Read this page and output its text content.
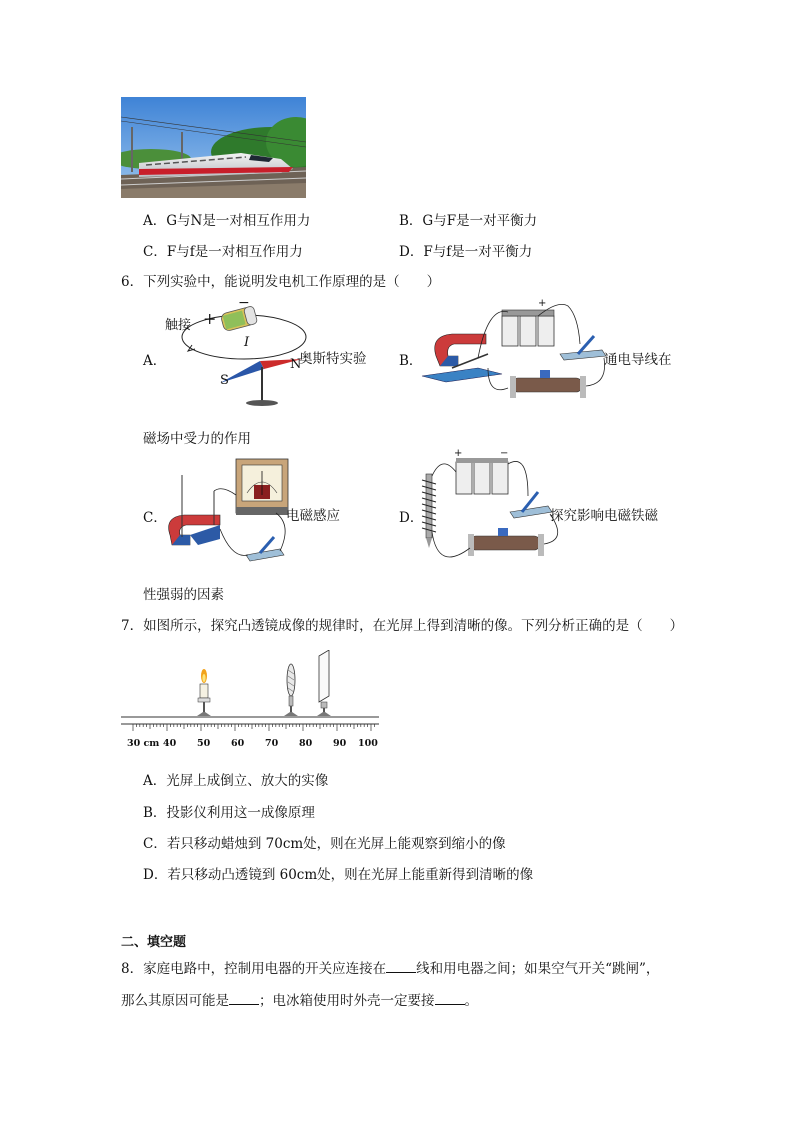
A．G与N是一对相互作用力	B．G与F是一对平衡力
C．F与f是一对相互作用力	D．F与f是一对平衡力
6．下列实验中，能说明发电机工作原理的是（　　）
A．
触接 +
−
I
S
N
奥斯特实验 B．
+
通电导线在
磁场中受力的作用
C．	电磁感应
性强弱的因素
D．
+	−
探究影响电磁铁磁
7．如图所示，探究凸透镜成像的规律时，在光屏上得到清晰的像。下列分析正确的是（　　）
30 cm 40 50 60 70 80 90 100
A．光屏上成倒立、放大的实像
B．投影仪利用这一成像原理
C．若只移动蜡烛到 70cm处，则在光屏上能观察到缩小的像
D．若只移动凸透镜到 60cm处，则在光屏上能重新得到清晰的像
二、填空题
8．家庭电路中，控制用电器的开关应连接在 线和用电器之间；如果空气开关“跳闸”，
那么其原因可能是 ；电冰箱使用时外壳一定要接 。
